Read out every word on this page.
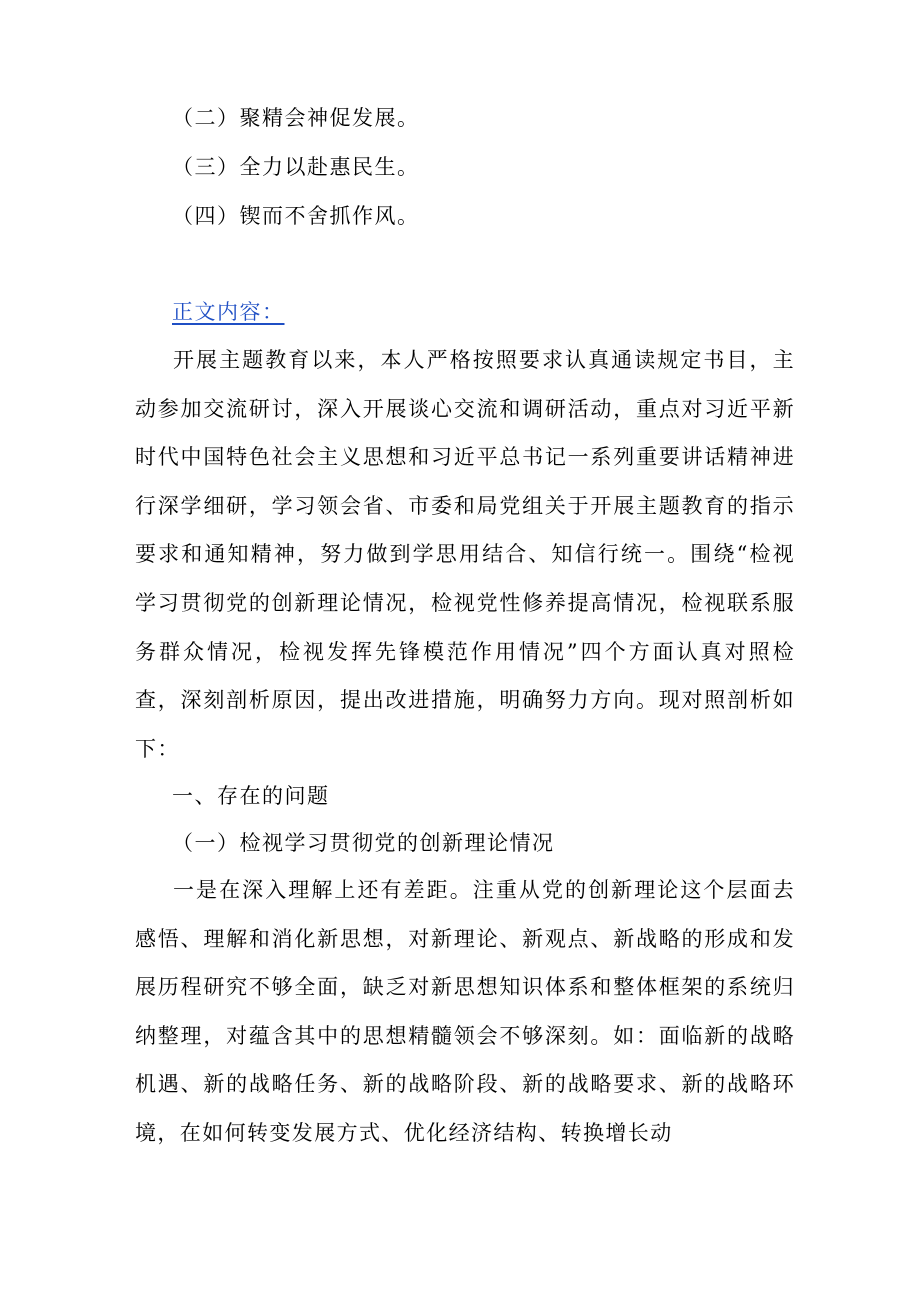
（二）聚精会神促发展。
（三）全力以赴惠民生。
（四）锲而不舍抓作风。
正文内容：

开展主题教育以来，本人严格按照要求认真通读规定书目，主动参加交流研讨，深入开展谈心交流和调研活动，重点对习近平新时代中国特色社会主义思想和习近平总书记一系列重要讲话精神进行深学细研，学习领会省、市委和局党组关于开展主题教育的指示要求和通知精神，努力做到学思用结合、知信行统一。围绕“检视学习贯彻党的创新理论情况，检视党性修养提高情况，检视联系服务群众情况，检视发挥先锋模范作用情况”四个方面认真对照检查，深刻剖析原因，提出改进措施，明确努力方向。现对照剖析如下：

一、存在的问题
（一）检视学习贯彻党的创新理论情况

一是在深入理解上还有差距。注重从党的创新理论这个层面去感悟、理解和消化新思想，对新理论、新观点、新战略的形成和发展历程研究不够全面，缺乏对新思想知识体系和整体框架的系统归纳整理，对蕴含其中的思想精髓领会不够深刻。如：面临新的战略机遇、新的战略任务、新的战略阶段、新的战略要求、新的战略环境，在如何转变发展方式、优化经济结构、转换增长动
